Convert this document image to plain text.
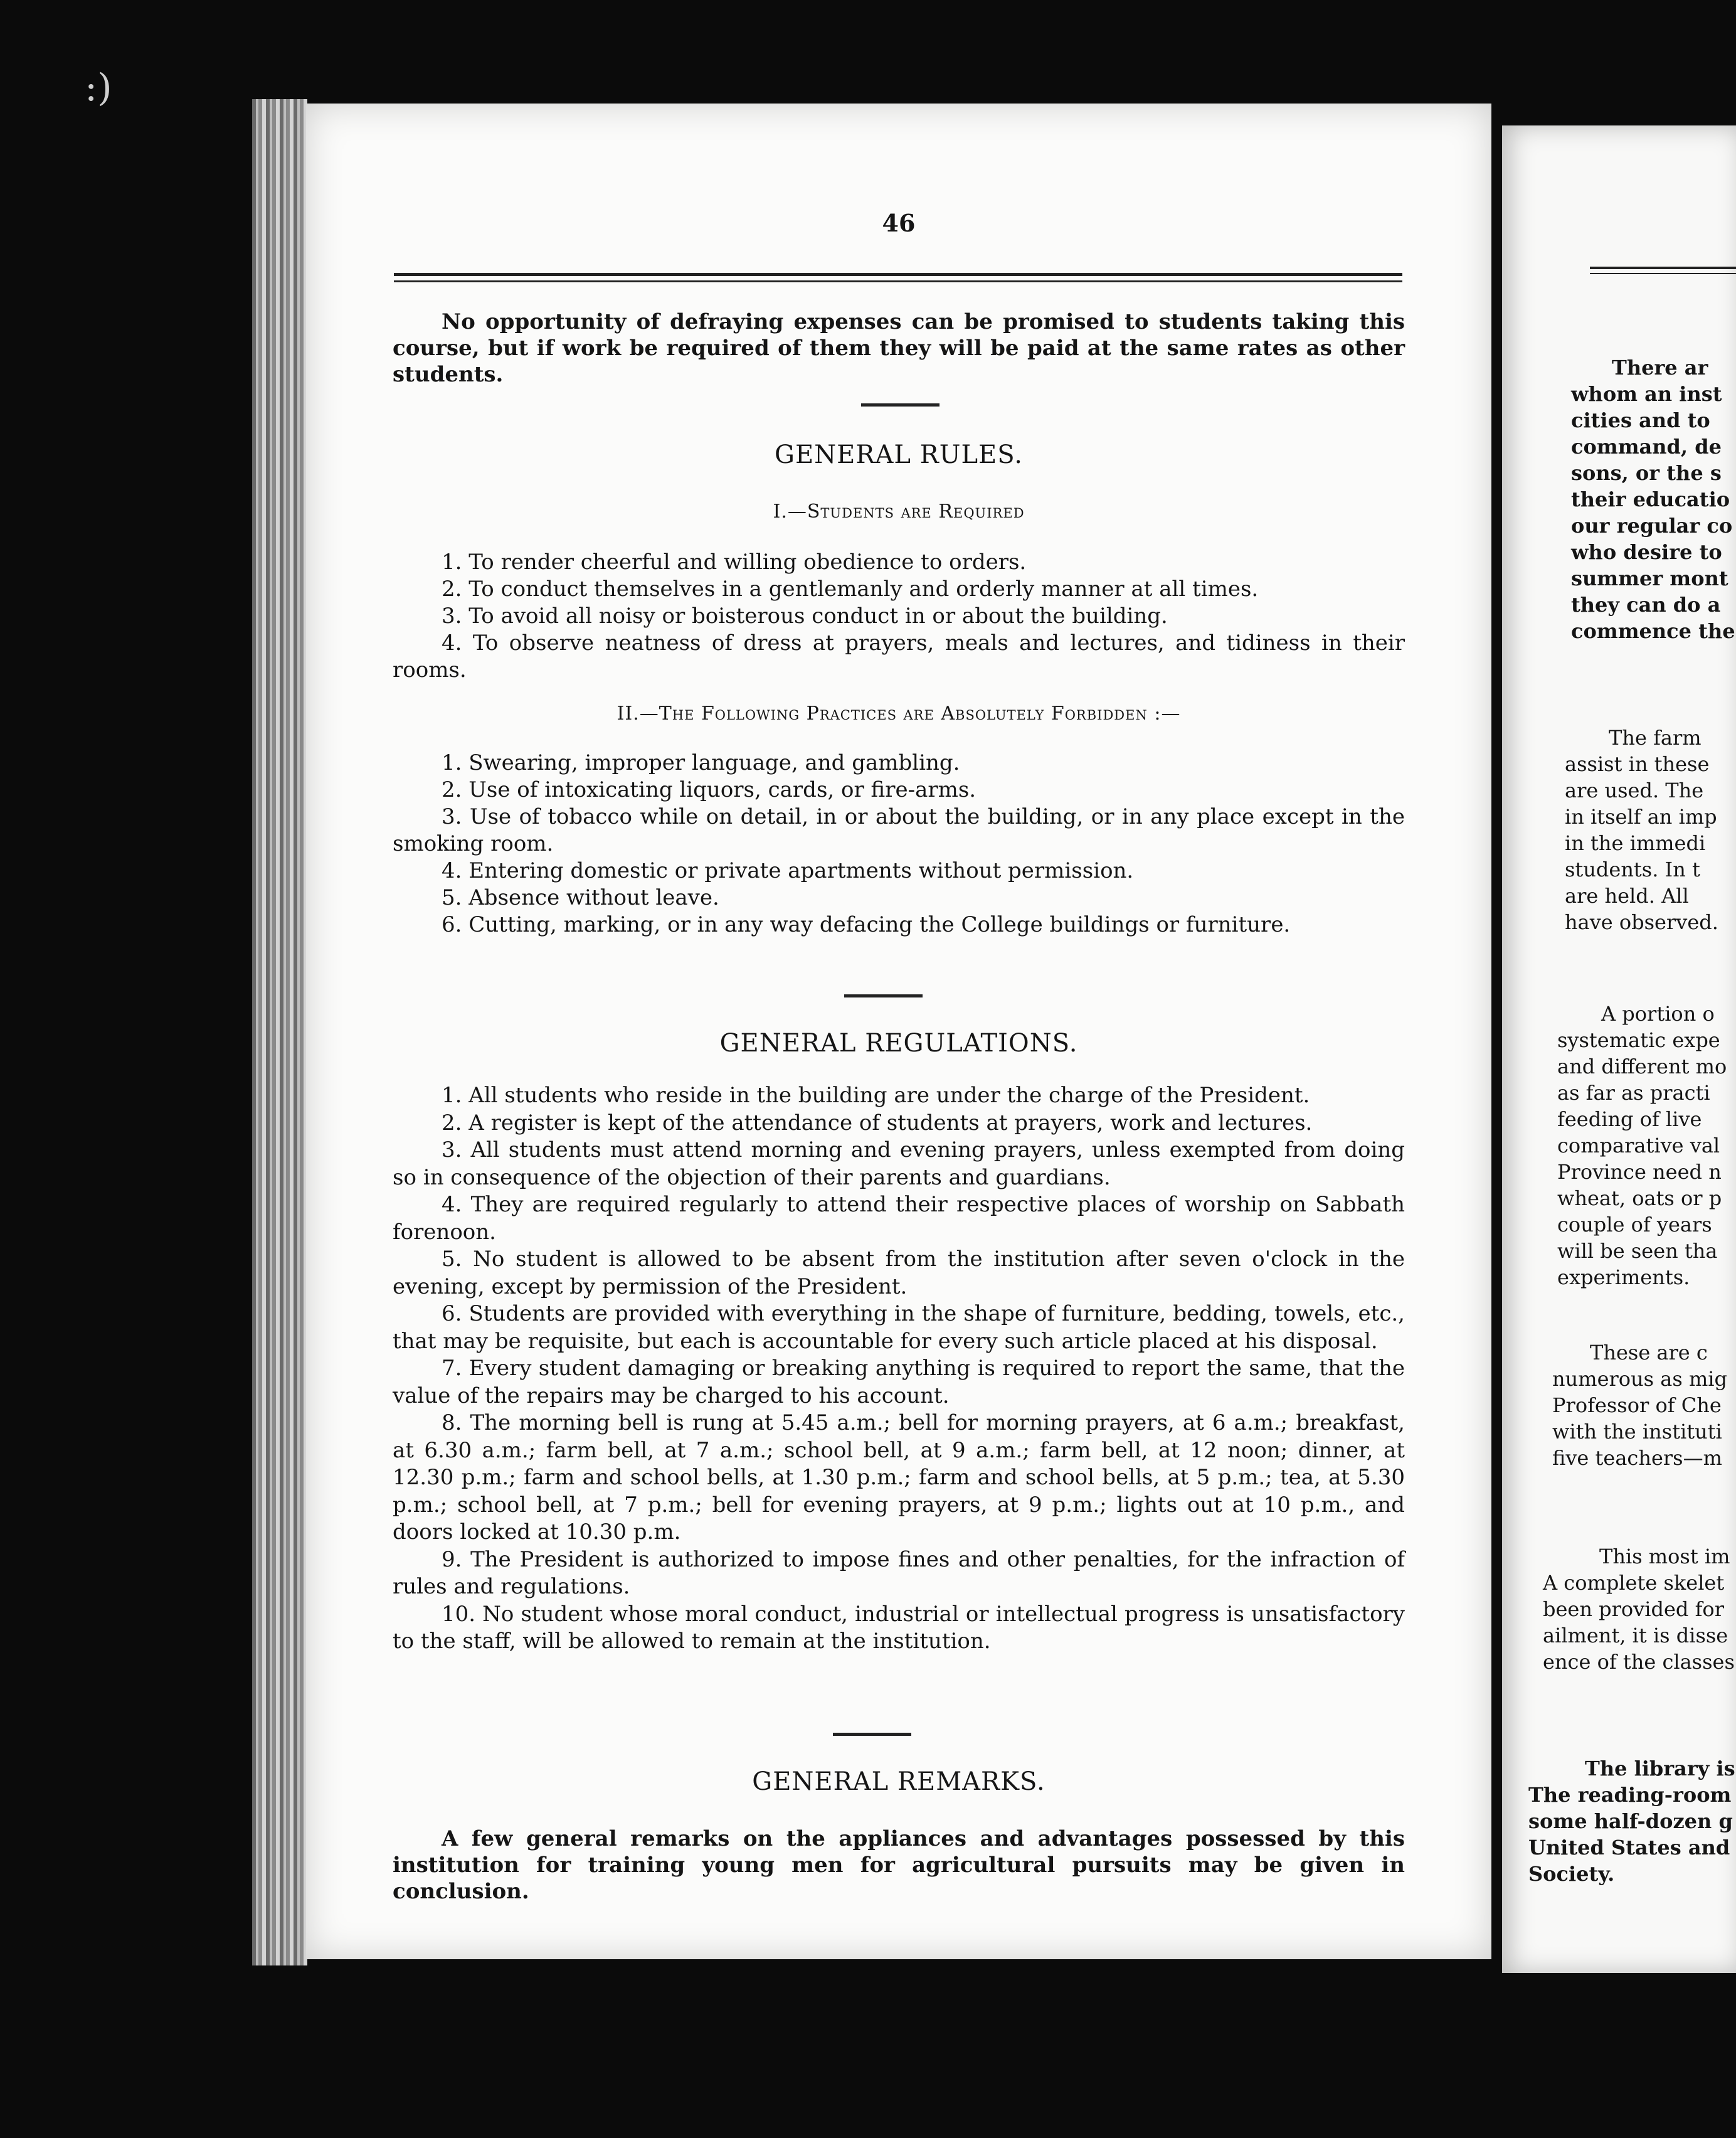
46

No opportunity of defraying expenses can be promised to students taking this course, but if work be required of them they will be paid at the same rates as other students.

GENERAL RULES.
I.—Students are Required
1. To render cheerful and willing obedience to orders.
2. To conduct themselves in a gentlemanly and orderly manner at all times.
3. To avoid all noisy or boisterous conduct in or about the building.
4. To observe neatness of dress at prayers, meals and lectures, and tidiness in their rooms.
II.—The Following Practices are Absolutely Forbidden :—
1. Swearing, improper language, and gambling.
2. Use of intoxicating liquors, cards, or fire-arms.
3. Use of tobacco while on detail, in or about the building, or in any place except in the smoking room.
4. Entering domestic or private apartments without permission.
5. Absence without leave.
6. Cutting, marking, or in any way defacing the College buildings or furniture.
GENERAL REGULATIONS.
1. All students who reside in the building are under the charge of the President.
2. A register is kept of the attendance of students at prayers, work and lectures.
3. All students must attend morning and evening prayers, unless exempted from doing so in consequence of the objection of their parents and guardians.
4. They are required regularly to attend their respective places of worship on Sabbath forenoon.
5. No student is allowed to be absent from the institution after seven o'clock in the evening, except by permission of the President.
6. Students are provided with everything in the shape of furniture, bedding, towels, etc., that may be requisite, but each is accountable for every such article placed at his disposal.
7. Every student damaging or breaking anything is required to report the same, that the value of the repairs may be charged to his account.
8. The morning bell is rung at 5.45 a.m.; bell for morning prayers, at 6 a.m.; breakfast, at 6.30 a.m.; farm bell, at 7 a.m.; school bell, at 9 a.m.; farm bell, at 12 noon; dinner, at 12.30 p.m.; farm and school bells, at 1.30 p.m.; farm and school bells, at 5 p.m.; tea, at 5.30 p.m.; school bell, at 7 p.m.; bell for evening prayers, at 9 p.m.; lights out at 10 p.m., and doors locked at 10.30 p.m.
9. The President is authorized to impose fines and other penalties, for the infraction of rules and regulations.
10. No student whose moral conduct, industrial or intellectual progress is unsatisfactory to the staff, will be allowed to remain at the institution.
GENERAL REMARKS.

A few general remarks on the appliances and advantages possessed by this institution for training young men for agricultural pursuits may be given in conclusion.

There ar
whom an inst
cities and to
command, de
sons, or the s
their educatio
our regular co
who desire to
summer mont
they can do a
commence the
The farm
assist in these
are used. The
in itself an imp
in the immedi
students. In t
are held. All
have observed.
A portion o
systematic expe
and different mo
as far as practi
feeding of live
comparative val
Province need n
wheat, oats or p
couple of years
will be seen tha
experiments.
These are c
numerous as mig
Professor of Che
with the instituti
five teachers—m
This most im
A complete skelet
been provided for
ailment, it is disse
ence of the classes
The library is
The reading-room
some half-dozen g
United States and
Society.
:)
